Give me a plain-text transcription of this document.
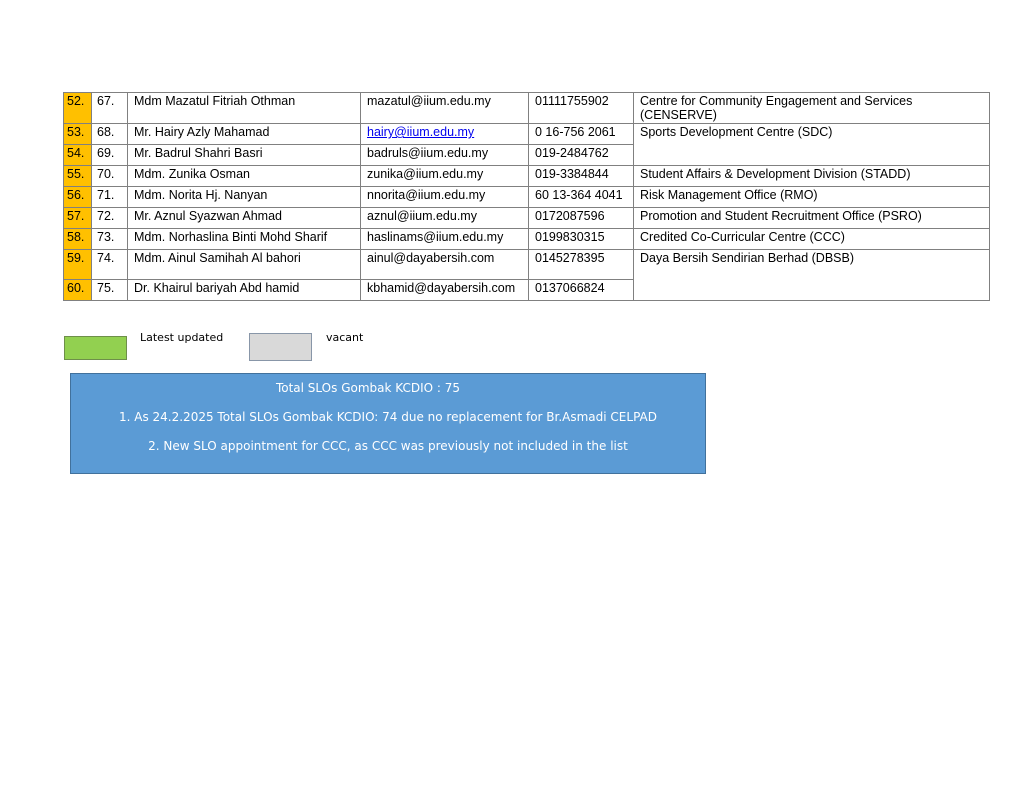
52.	67.	Mdm Mazatul Fitriah Othman	mazatul@iium.edu.my	01111755902	Centre for Community Engagement and Services (CENSERVE)
53.	68.	Mr. Hairy Azly Mahamad	hairy@iium.edu.my	0 16-756 2061	Sports Development Centre (SDC)
54.	69.	Mr. Badrul Shahri Basri	badruls@iium.edu.my	019-2484762	
55.	70.	Mdm. Zunika Osman	zunika@iium.edu.my	019-3384844	Student Affairs & Development Division (STADD)
56.	71.	Mdm. Norita Hj. Nanyan	nnorita@iium.edu.my	60 13-364 4041	Risk Management Office (RMO)
57.	72.	Mr. Aznul Syazwan Ahmad	aznul@iium.edu.my	0172087596	Promotion and Student Recruitment Office (PSRO)
58.	73.	Mdm. Norhaslina Binti Mohd Sharif	haslinams@iium.edu.my	0199830315	Credited Co-Curricular Centre (CCC)
59.	74.	Mdm. Ainul Samihah Al bahori	ainul@dayabersih.com	0145278395	Daya Bersih Sendirian Berhad (DBSB)
60.	75.	Dr. Khairul bariyah Abd hamid	kbhamid@dayabersih.com	0137066824	
Latest updated	vacant
Total SLOs Gombak KCDIO : 75
1. As 24.2.2025 Total SLOs Gombak KCDIO: 74 due no replacement for Br.Asmadi CELPAD
2. New SLO appointment for CCC, as CCC was previously not included in the list
